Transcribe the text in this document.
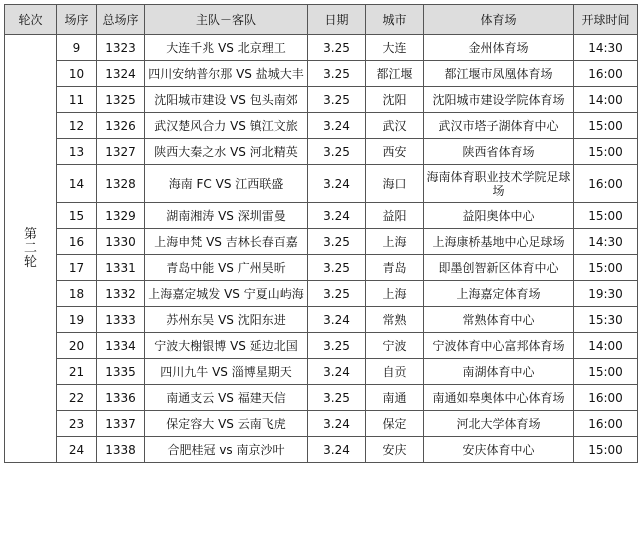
轮次	场序	总场序	主队－客队	日期	城市	体育场	开球时间

第
二
轮	9	1323	大连千兆 VS 北京理工	3.25	大连	金州体育场	14:30
	10	1324	四川安纳普尔那 VS 盐城大丰	3.25	都江堰	都江堰市凤凰体育场	16:00
	11	1325	沈阳城市建设 VS 包头南郊	3.25	沈阳	沈阳城市建设学院体育场	14:00
	12	1326	武汉楚风合力 VS 镇江文旅	3.24	武汉	武汉市塔子湖体育中心	15:00
	13	1327	陕西大秦之水 VS 河北精英	3.25	西安	陕西省体育场	15:00
	14	1328	海南 FC VS 江西联盛	3.24	海口	海南体育职业技术学院足球场	16:00
	15	1329	湖南湘涛 VS 深圳雷曼	3.24	益阳	益阳奥体中心	15:00
	16	1330	上海申梵 VS 吉林长春百嘉	3.25	上海	上海康桥基地中心足球场	14:30
	17	1331	青岛中能 VS 广州昊昕	3.25	青岛	即墨创智新区体育中心	15:00
	18	1332	上海嘉定城发 VS 宁夏山屿海	3.25	上海	上海嘉定体育场	19:30
	19	1333	苏州东吴 VS 沈阳东进	3.24	常熟	常熟体育中心	15:30
	20	1334	宁波大榭银博 VS 延边北国	3.25	宁波	宁波体育中心富邦体育场	14:00
	21	1335	四川九牛 VS 淄博星期天	3.24	自贡	南湖体育中心	15:00
	22	1336	南通支云 VS 福建天信	3.25	南通	南通如皋奥体中心体育场	16:00
	23	1337	保定容大 VS 云南飞虎	3.24	保定	河北大学体育场	16:00
	24	1338	合肥桂冠 vs 南京沙叶	3.24	安庆	安庆体育中心	15:00
